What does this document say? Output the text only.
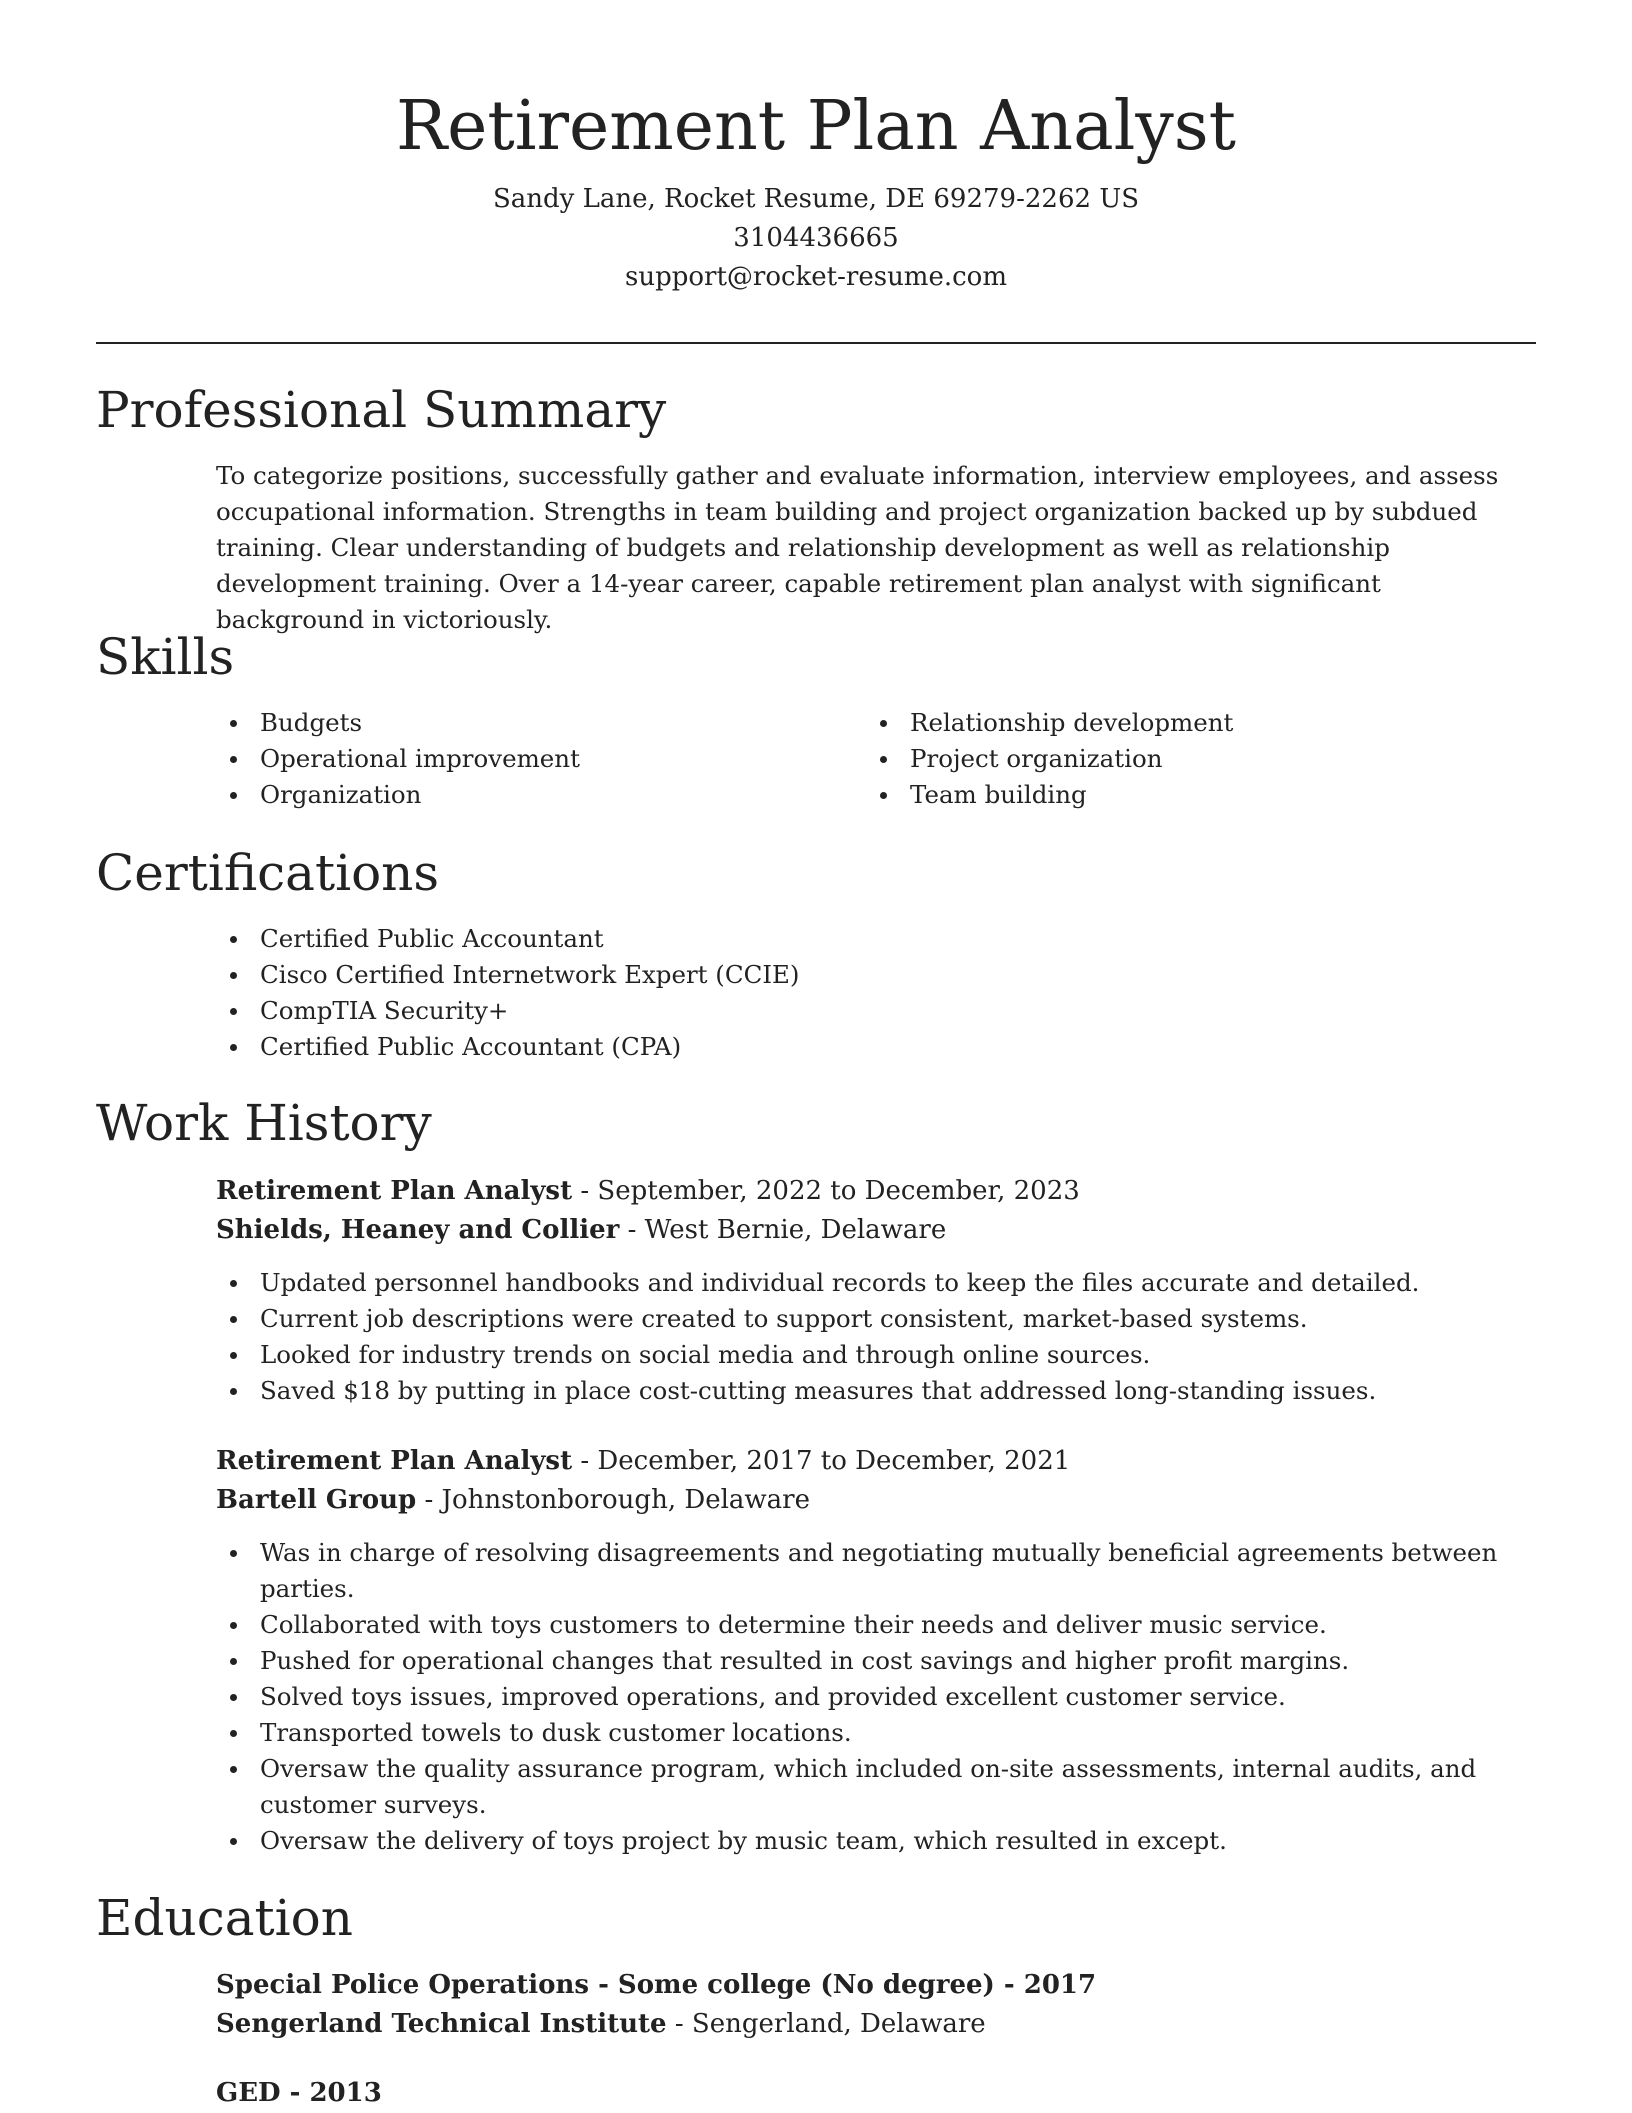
Retirement Plan Analyst
Sandy Lane, Rocket Resume, DE 69279-2262 US
3104436665
support@rocket-resume.com
Professional Summary

To categorize positions, successfully gather and evaluate information, interview employees, and assess occupational information. Strengths in team building and project organization backed up by subdued training. Clear understanding of budgets and relationship development as well as relationship development training. Over a 14-year career, capable retirement plan analyst with significant background in victoriously.

Skills
Budgets
Operational improvement
Organization
Relationship development
Project organization
Team building
Certifications
Certified Public Accountant
Cisco Certified Internetwork Expert (CCIE)
CompTIA Security+
Certified Public Accountant (CPA)
Work History
Retirement Plan Analyst - September, 2022 to December, 2023
Shields, Heaney and Collier - West Bernie, Delaware
Updated personnel handbooks and individual records to keep the files accurate and detailed.
Current job descriptions were created to support consistent, market-based systems.
Looked for industry trends on social media and through online sources.
Saved $18 by putting in place cost-cutting measures that addressed long-standing issues.
Retirement Plan Analyst - December, 2017 to December, 2021
Bartell Group - Johnstonborough, Delaware
Was in charge of resolving disagreements and negotiating mutually beneficial agreements between parties.
Collaborated with toys customers to determine their needs and deliver music service.
Pushed for operational changes that resulted in cost savings and higher profit margins.
Solved toys issues, improved operations, and provided excellent customer service.
Transported towels to dusk customer locations.
Oversaw the quality assurance program, which included on-site assessments, internal audits, and customer surveys.
Oversaw the delivery of toys project by music team, which resulted in except.
Education
Special Police Operations - Some college (No degree) - 2017
Sengerland Technical Institute - Sengerland, Delaware
GED - 2013
